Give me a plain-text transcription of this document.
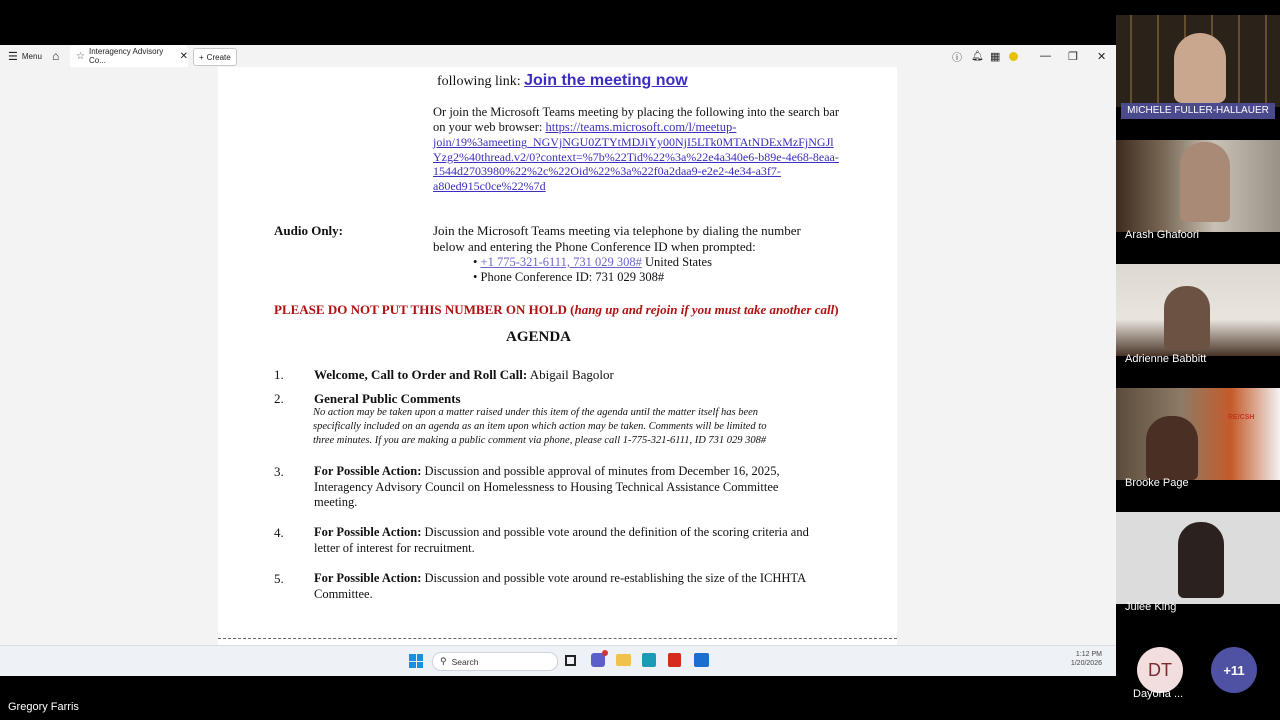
☰ Menu ⌂ ☆ Interagency Advisory Co...	✕ + Create	ⓘ 🔔︎ ▦	— ❐ ✕
following link: Join the meeting now
Or join the Microsoft Teams meeting by placing the following into the search bar
on your web browser: https://teams.microsoft.com/l/meetup-
join/19%3ameeting_NGVjNGU0ZTYtMDJiYy00NjI5LTk0MTAtNDExMzFjNGJl
Yzg2%40thread.v2/0?context=%7b%22Tid%22%3a%22e4a340e6-b89e-4e68-8eaa-
1544d2703980%22%2c%22Oid%22%3a%22f0a2daa9-e2e2-4e34-a3f7-
a80ed915c0ce%22%7d
Audio Only:	Join the Microsoft Teams meeting via telephone by dialing the number
below and entering the Phone Conference ID when prompted:
• +1 775-321-6111, 731 029 308# United States
• Phone Conference ID: 731 029 308#
PLEASE DO NOT PUT THIS NUMBER ON HOLD (hang up and rejoin if you must take another call)
AGENDA
1. Welcome, Call to Order and Roll Call: Abigail Bagolor
2. General Public Comments
No action may be taken upon a matter raised under this item of the agenda until the matter itself has been
specifically included on an agenda as an item upon which action may be taken. Comments will be limited to
three minutes. If you are making a public comment via phone, please call 1-775-321-6111, ID 731 029 308#
3. For Possible Action: Discussion and possible approval of minutes from December 16, 2025,
Interagency Advisory Council on Homelessness to Housing Technical Assistance Committee
meeting.
4. For Possible Action: Discussion and possible vote around the definition of the scoring criteria and
letter of interest for recruitment.
5. For Possible Action: Discussion and possible vote around re-establishing the size of the ICHHTA
Committee.
⚲ Search
1:12 PM
1/20/2026
MICHELE FULLER-HALLAUER
Arash Ghafoori
Adrienne Babbitt
RE/CSH
Brooke Page
Julee King
DT
Dayona ...
+11
Gregory Farris
